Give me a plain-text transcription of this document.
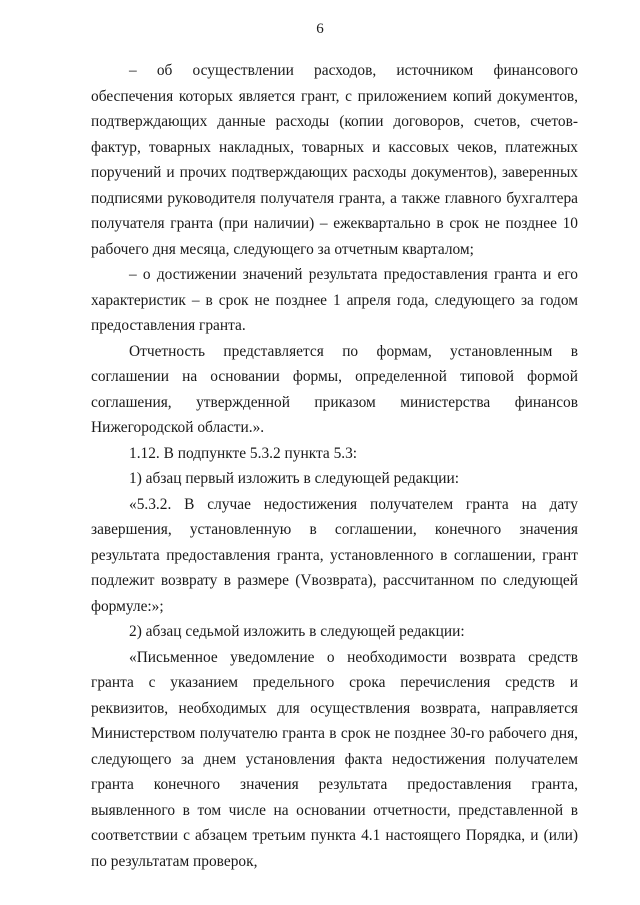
6

– об осуществлении расходов, источником финансового обеспечения которых является грант, с приложением копий документов, подтверждающих данные расходы (копии договоров, счетов, счетов-фактур, товарных накладных, товарных и кассовых чеков, платежных поручений и прочих подтверждающих расходы документов), заверенных подписями руководителя получателя гранта, а также главного бухгалтера получателя гранта (при наличии) – ежеквартально в срок не позднее 10 рабочего дня месяца, следующего за отчетным кварталом;

– о достижении значений результата предоставления гранта и его характеристик – в срок не позднее 1 апреля года, следующего за годом предоставления гранта.

Отчетность представляется по формам, установленным в соглашении на основании формы, определенной типовой формой соглашения, утвержденной приказом министерства финансов Нижегородской области.».

1.12. В подпункте 5.3.2 пункта 5.3:

1) абзац первый изложить в следующей редакции:

«5.3.2. В случае недостижения получателем гранта на дату завершения, установленную в соглашении, конечного значения результата предоставления гранта, установленного в соглашении, грант подлежит возврату в размере (Vвозврата), рассчитанном по следующей формуле:»;

2) абзац седьмой изложить в следующей редакции:

«Письменное уведомление о необходимости возврата средств гранта с указанием предельного срока перечисления средств и реквизитов, необходимых для осуществления возврата, направляется Министерством получателю гранта в срок не позднее 30-го рабочего дня, следующего за днем установления факта недостижения получателем гранта конечного значения результата предоставления гранта, выявленного в том числе на основании отчетности, представленной в соответствии с абзацем третьим пункта 4.1 настоящего Порядка, и (или) по результатам проверок,
